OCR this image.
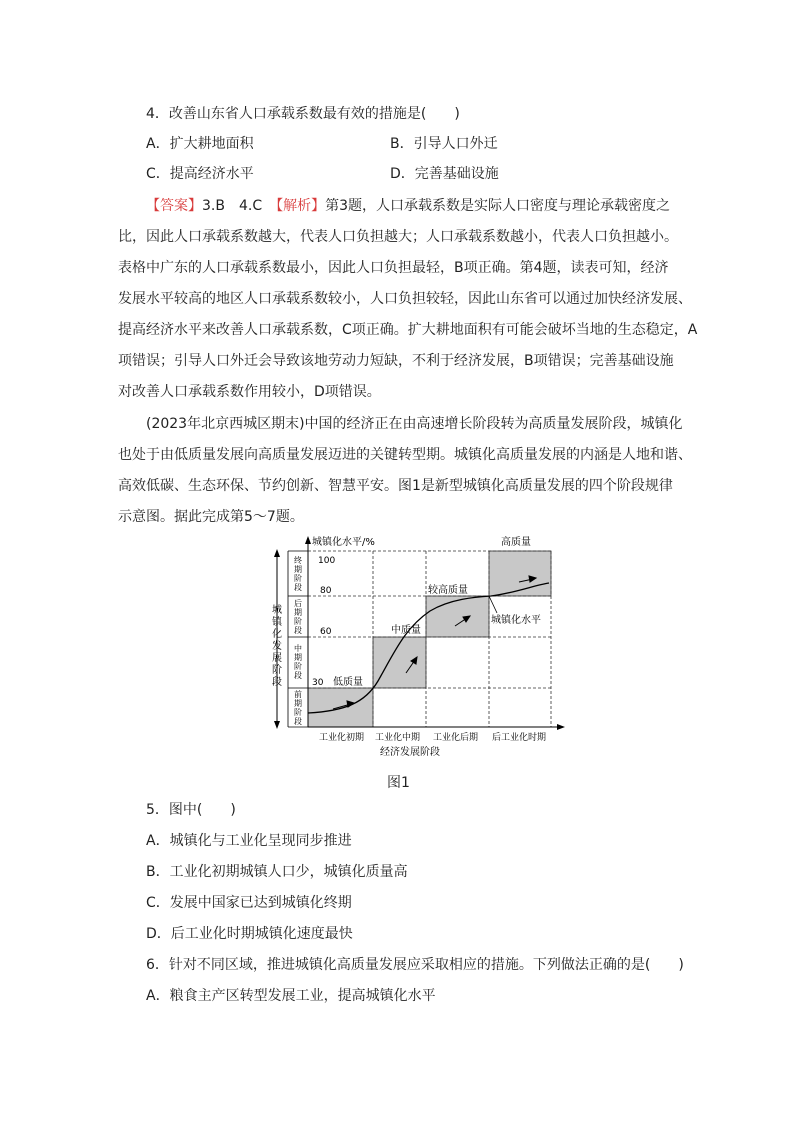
4．改善山东省人口承载系数最有效的措施是(　　)
A．扩大耕地面积	B．引导人口外迁
C．提高经济水平	D．完善基础设施
【答案】3.B　4.C　 【解析】第3题，人口承载系数是实际人口密度与理论承载密度之
比，因此人口承载系数越大，代表人口负担越大；人口承载系数越小，代表人口负担越小。
表格中广东的人口承载系数最小，因此人口负担最轻，B项正确。第4题，读表可知，经济
发展水平较高的地区人口承载系数较小，人口负担较轻，因此山东省可以通过加快经济发展、
提高经济水平来改善人口承载系数，C项正确。扩大耕地面积有可能会破坏当地的生态稳定，A
项错误；引导人口外迁会导致该地劳动力短缺，不利于经济发展，B项错误；完善基础设施
对改善人口承载系数作用较小，D项错误。
(2023年北京西城区期末)中国的经济正在由高速增长阶段转为高质量发展阶段，城镇化
也处于由低质量发展向高质量发展迈进的关键转型期。城镇化高质量发展的内涵是人地和谐、
高效低碳、生态环保、节约创新、智慧平安。图1是新型城镇化高质量发展的四个阶段规律
示意图。据此完成第5～7题。
城镇化水平/%	高质量
100
80
60
30
城
镇
化
发
展
阶
段
终
期
阶
段
后
期
阶
段
中
期
阶
段
前
期
阶
段
低质量
中质量
较高质量
城镇化水平
工业化初期 工业化中期 工业化后期 后工业化时期
经济发展阶段
图1
5．图中(　　)
A．城镇化与工业化呈现同步推进
B．工业化初期城镇人口少，城镇化质量高
C．发展中国家已达到城镇化终期
D．后工业化时期城镇化速度最快
6．针对不同区域，推进城镇化高质量发展应采取相应的措施。下列做法正确的是(　　)
A．粮食主产区转型发展工业，提高城镇化水平
